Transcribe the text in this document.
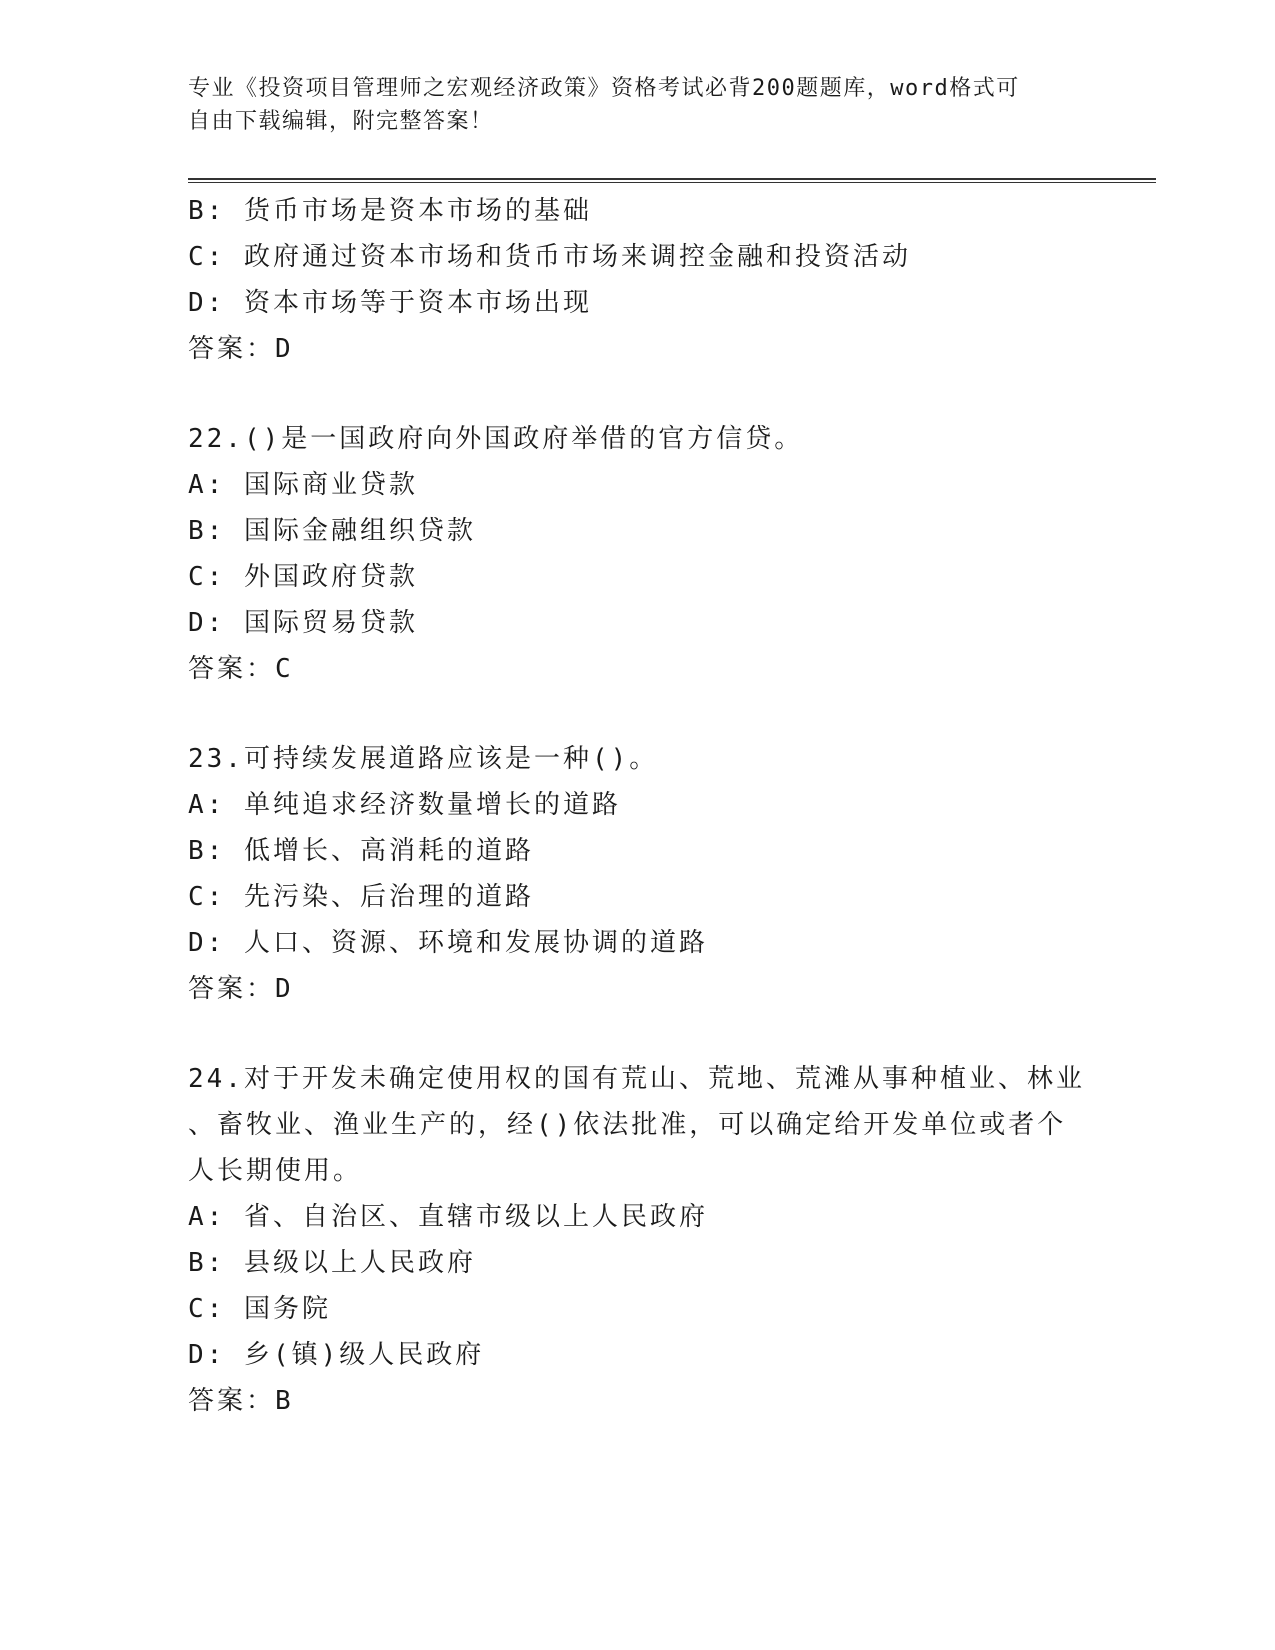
专业《投资项目管理师之宏观经济政策》资格考试必背200题题库，word格式可
自由下载编辑，附完整答案！
B: 货币市场是资本市场的基础
C: 政府通过资本市场和货币市场来调控金融和投资活动
D: 资本市场等于资本市场出现
答案：D
22.()是一国政府向外国政府举借的官方信贷。
A: 国际商业贷款
B: 国际金融组织贷款
C: 外国政府贷款
D: 国际贸易贷款
答案：C
23.可持续发展道路应该是一种()。
A: 单纯追求经济数量增长的道路
B: 低增长、高消耗的道路
C: 先污染、后治理的道路
D: 人口、资源、环境和发展协调的道路
答案：D
24.对于开发未确定使用权的国有荒山、荒地、荒滩从事种植业、林业
、畜牧业、渔业生产的，经()依法批准，可以确定给开发单位或者个
人长期使用。
A: 省、自治区、直辖市级以上人民政府
B: 县级以上人民政府
C: 国务院
D: 乡(镇)级人民政府
答案：B
